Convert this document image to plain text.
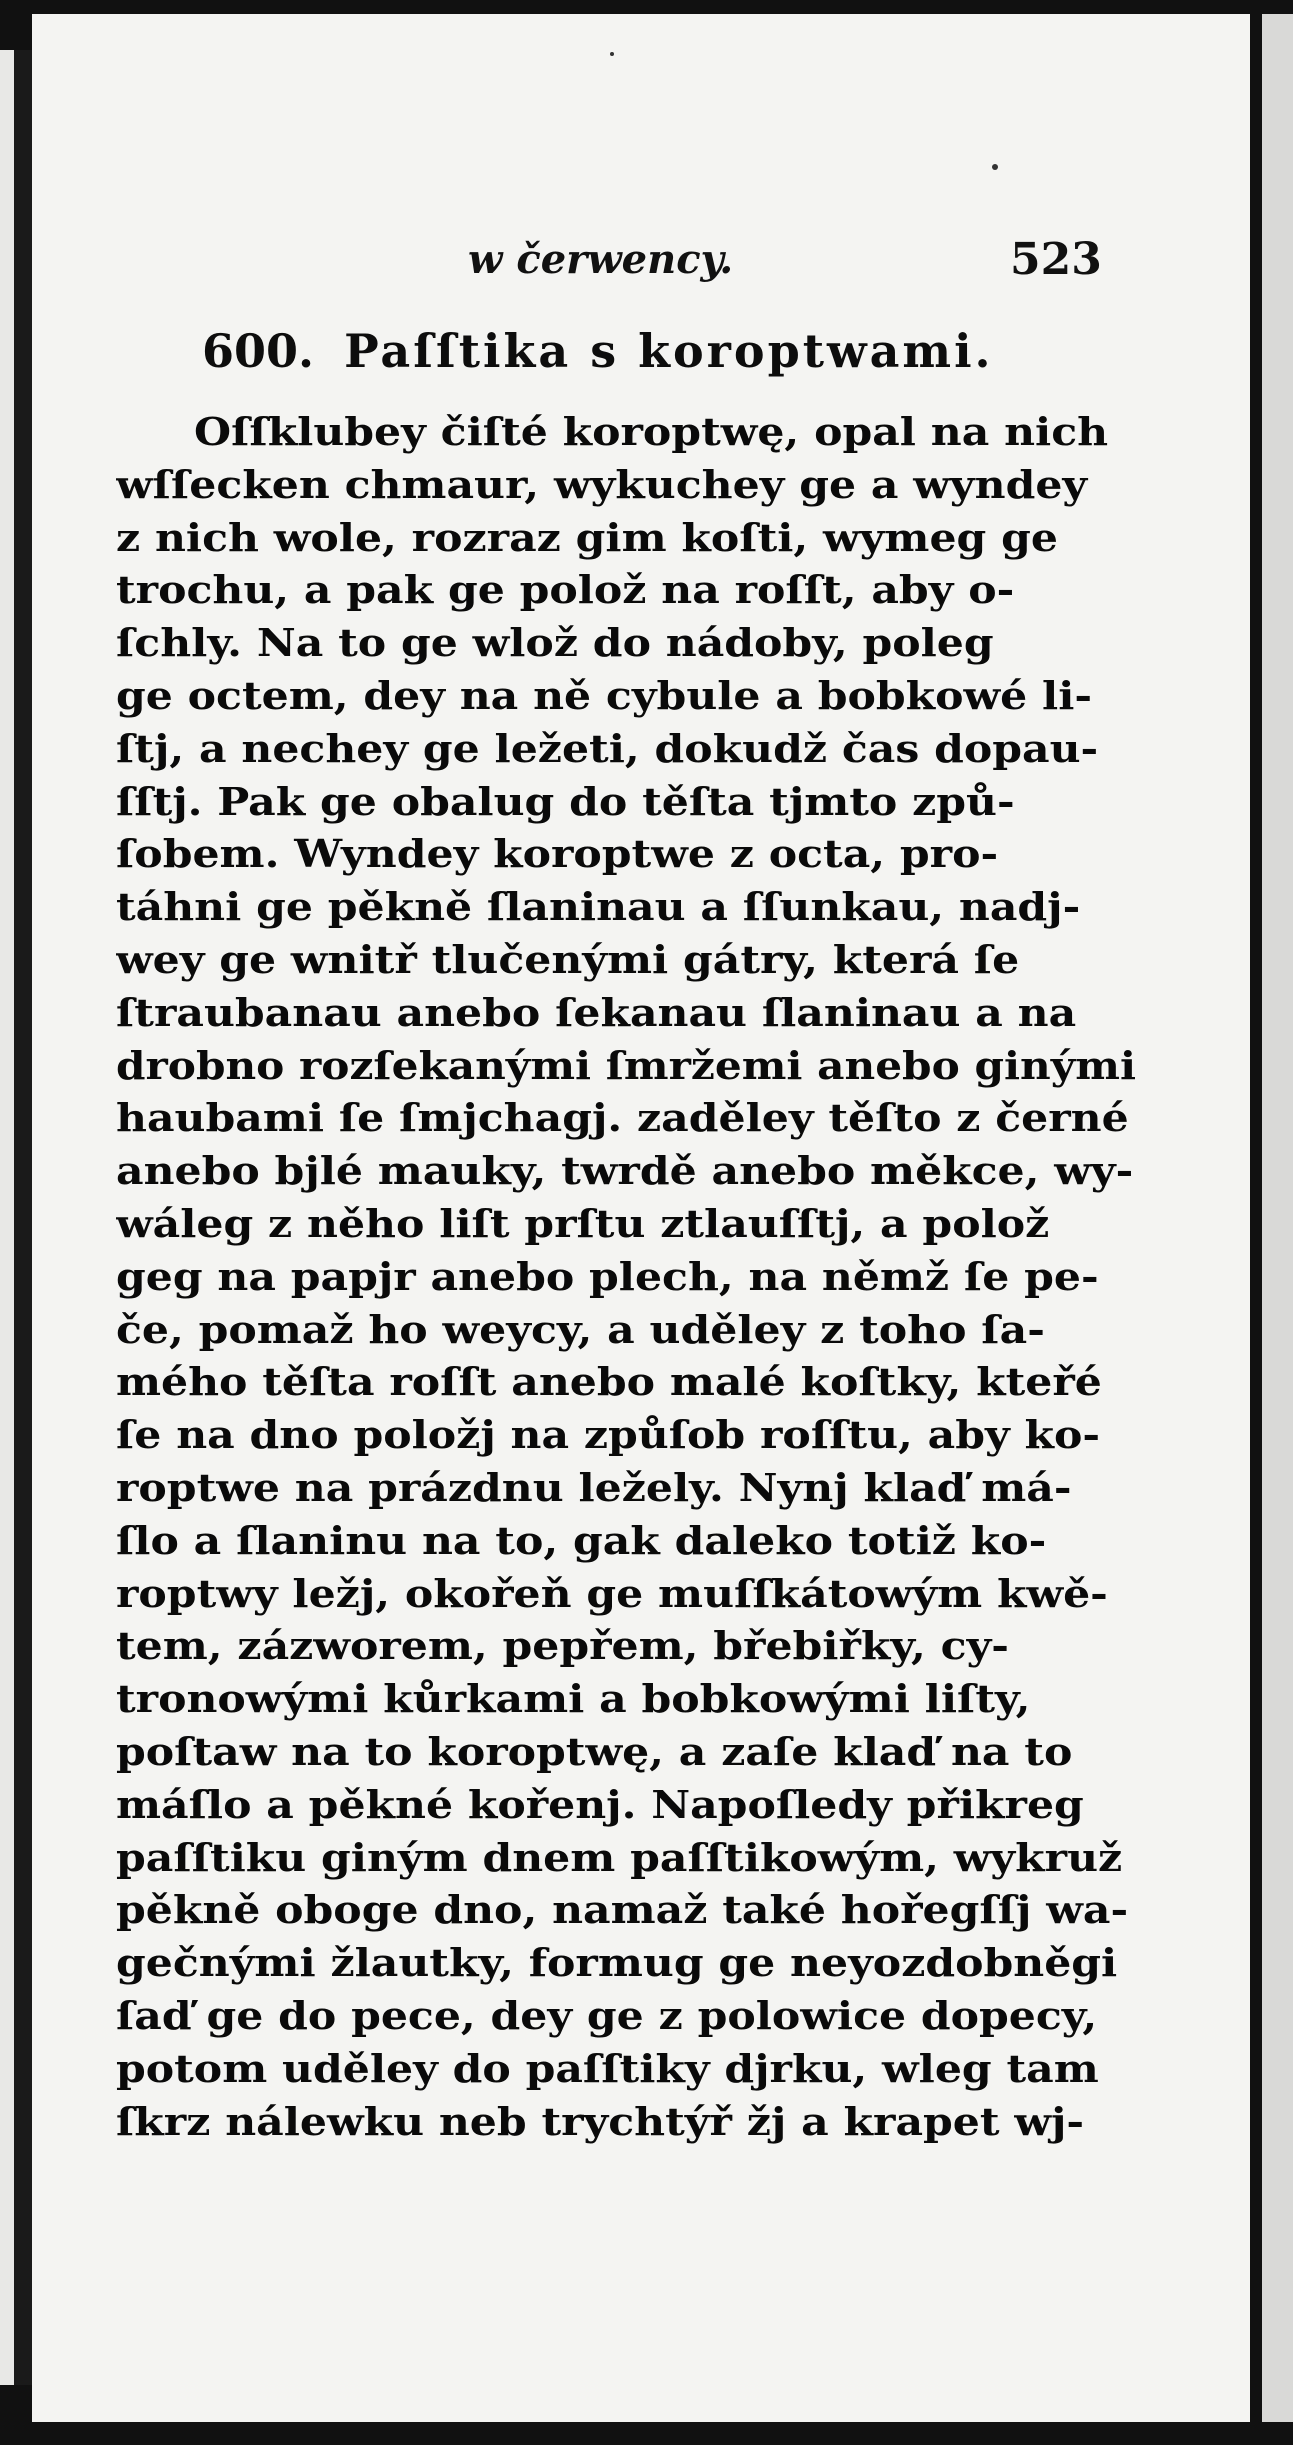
w čerwency.	523
600. Paſſtika s koroptwami.
Oſſklubey čiſté koroptwę, opal na nich
wſſecken chmaur, wykuchey ge a wyndey
z nich wole, rozraz gim koſti, wymeg ge
trochu, a pak ge polož na roſſt, aby o-
ſchly. Na to ge wlož do nádoby, poleg
ge octem, dey na ně cybule a bobkowé li-
ſtj, a nechey ge ležeti, dokudž čas dopau-
ſſtj. Pak ge obalug do těſta tjmto způ-
ſobem. Wyndey koroptwe z octa, pro-
táhni ge pěkně ſlaninau a ſſunkau, nadj-
wey ge wnitř tlučenými gátry, která ſe
ſtraubanau anebo ſekanau ſlaninau a na
drobno rozſekanými ſmržemi anebo ginými
haubami ſe ſmjchagj. zaděley těſto z černé
anebo bjlé mauky, twrdě anebo měkce, wy-
wáleg z něho liſt prſtu ztlauſſtj, a polož
geg na papjr anebo plech, na němž ſe pe-
če, pomaž ho weycy, a uděley z toho ſa-
mého těſta roſſt anebo malé koſtky, kteřé
ſe na dno položj na způſob roſſtu, aby ko-
roptwe na prázdnu ležely. Nynj klaď má-
ſlo a ſlaninu na to, gak daleko totiž ko-
roptwy ležj, okořeň ge muſſkátowým kwě-
tem, zázworem, pepřem, břebiřky, cy-
tronowými kůrkami a bobkowými liſty,
poſtaw na to koroptwę, a zaſe klaď na to
máſlo a pěkné kořenj. Napoſledy přikreg
paſſtiku giným dnem paſſtikowým, wykruž
pěkně oboge dno, namaž také hořegſſj wa-
gečnými žlautky, formug ge neyozdobněgi
ſaď ge do pece, dey ge z polowice dopecy,
potom uděley do paſſtiky djrku, wleg tam
ſkrz nálewku neb trychtýř žj a krapet wj-
